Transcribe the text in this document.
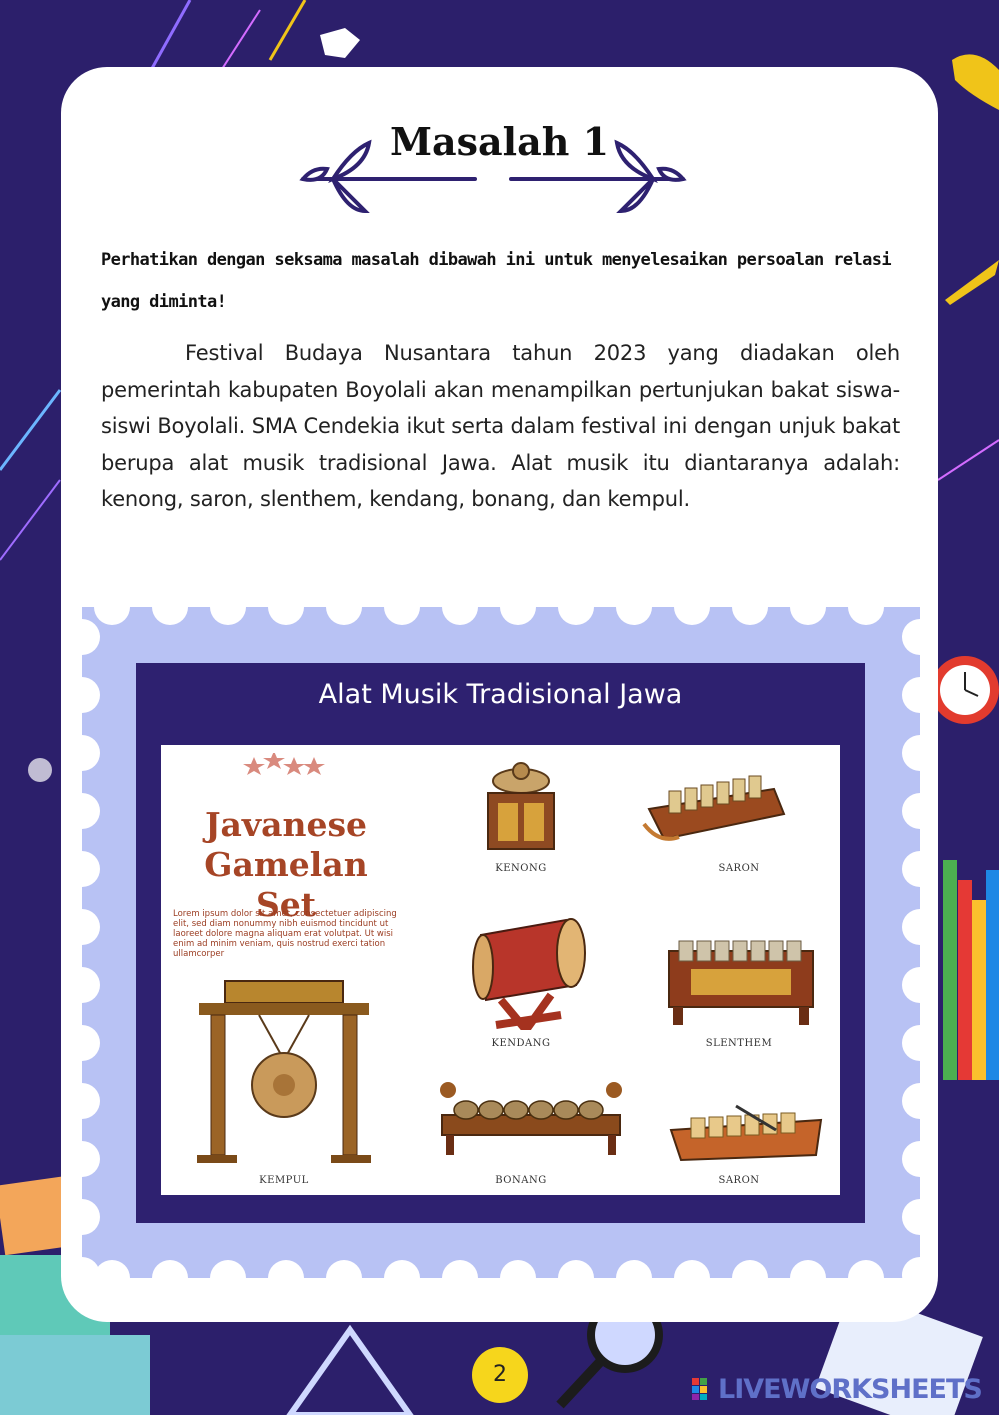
Masalah 1
Perhatikan dengan seksama masalah dibawah ini untuk menyelesaikan persoalan relasi yang diminta!
Festival Budaya Nusantara tahun 2023 yang diadakan oleh pemerintah kabupaten Boyolali akan menampilkan pertunjukan bakat siswa-siswi Boyolali. SMA Cendekia ikut serta dalam festival ini dengan unjuk bakat berupa alat musik tradisional Jawa. Alat musik itu diantaranya adalah: kenong, saron, slenthem, kendang, bonang, dan kempul.
Alat Musik Tradisional Jawa
Javanese
Gamelan Set
Lorem ipsum dolor sit amet, consectetuer adipiscing elit, sed diam nonummy nibh euismod tincidunt ut laoreet dolore magna aliquam erat volutpat. Ut wisi enim ad minim veniam, quis nostrud exerci tation ullamcorper
KENONG	SARON
KENDANG	SLENTHEM
KEMPUL	BONANG	SARON
2	LIVEWORKSHEETS
